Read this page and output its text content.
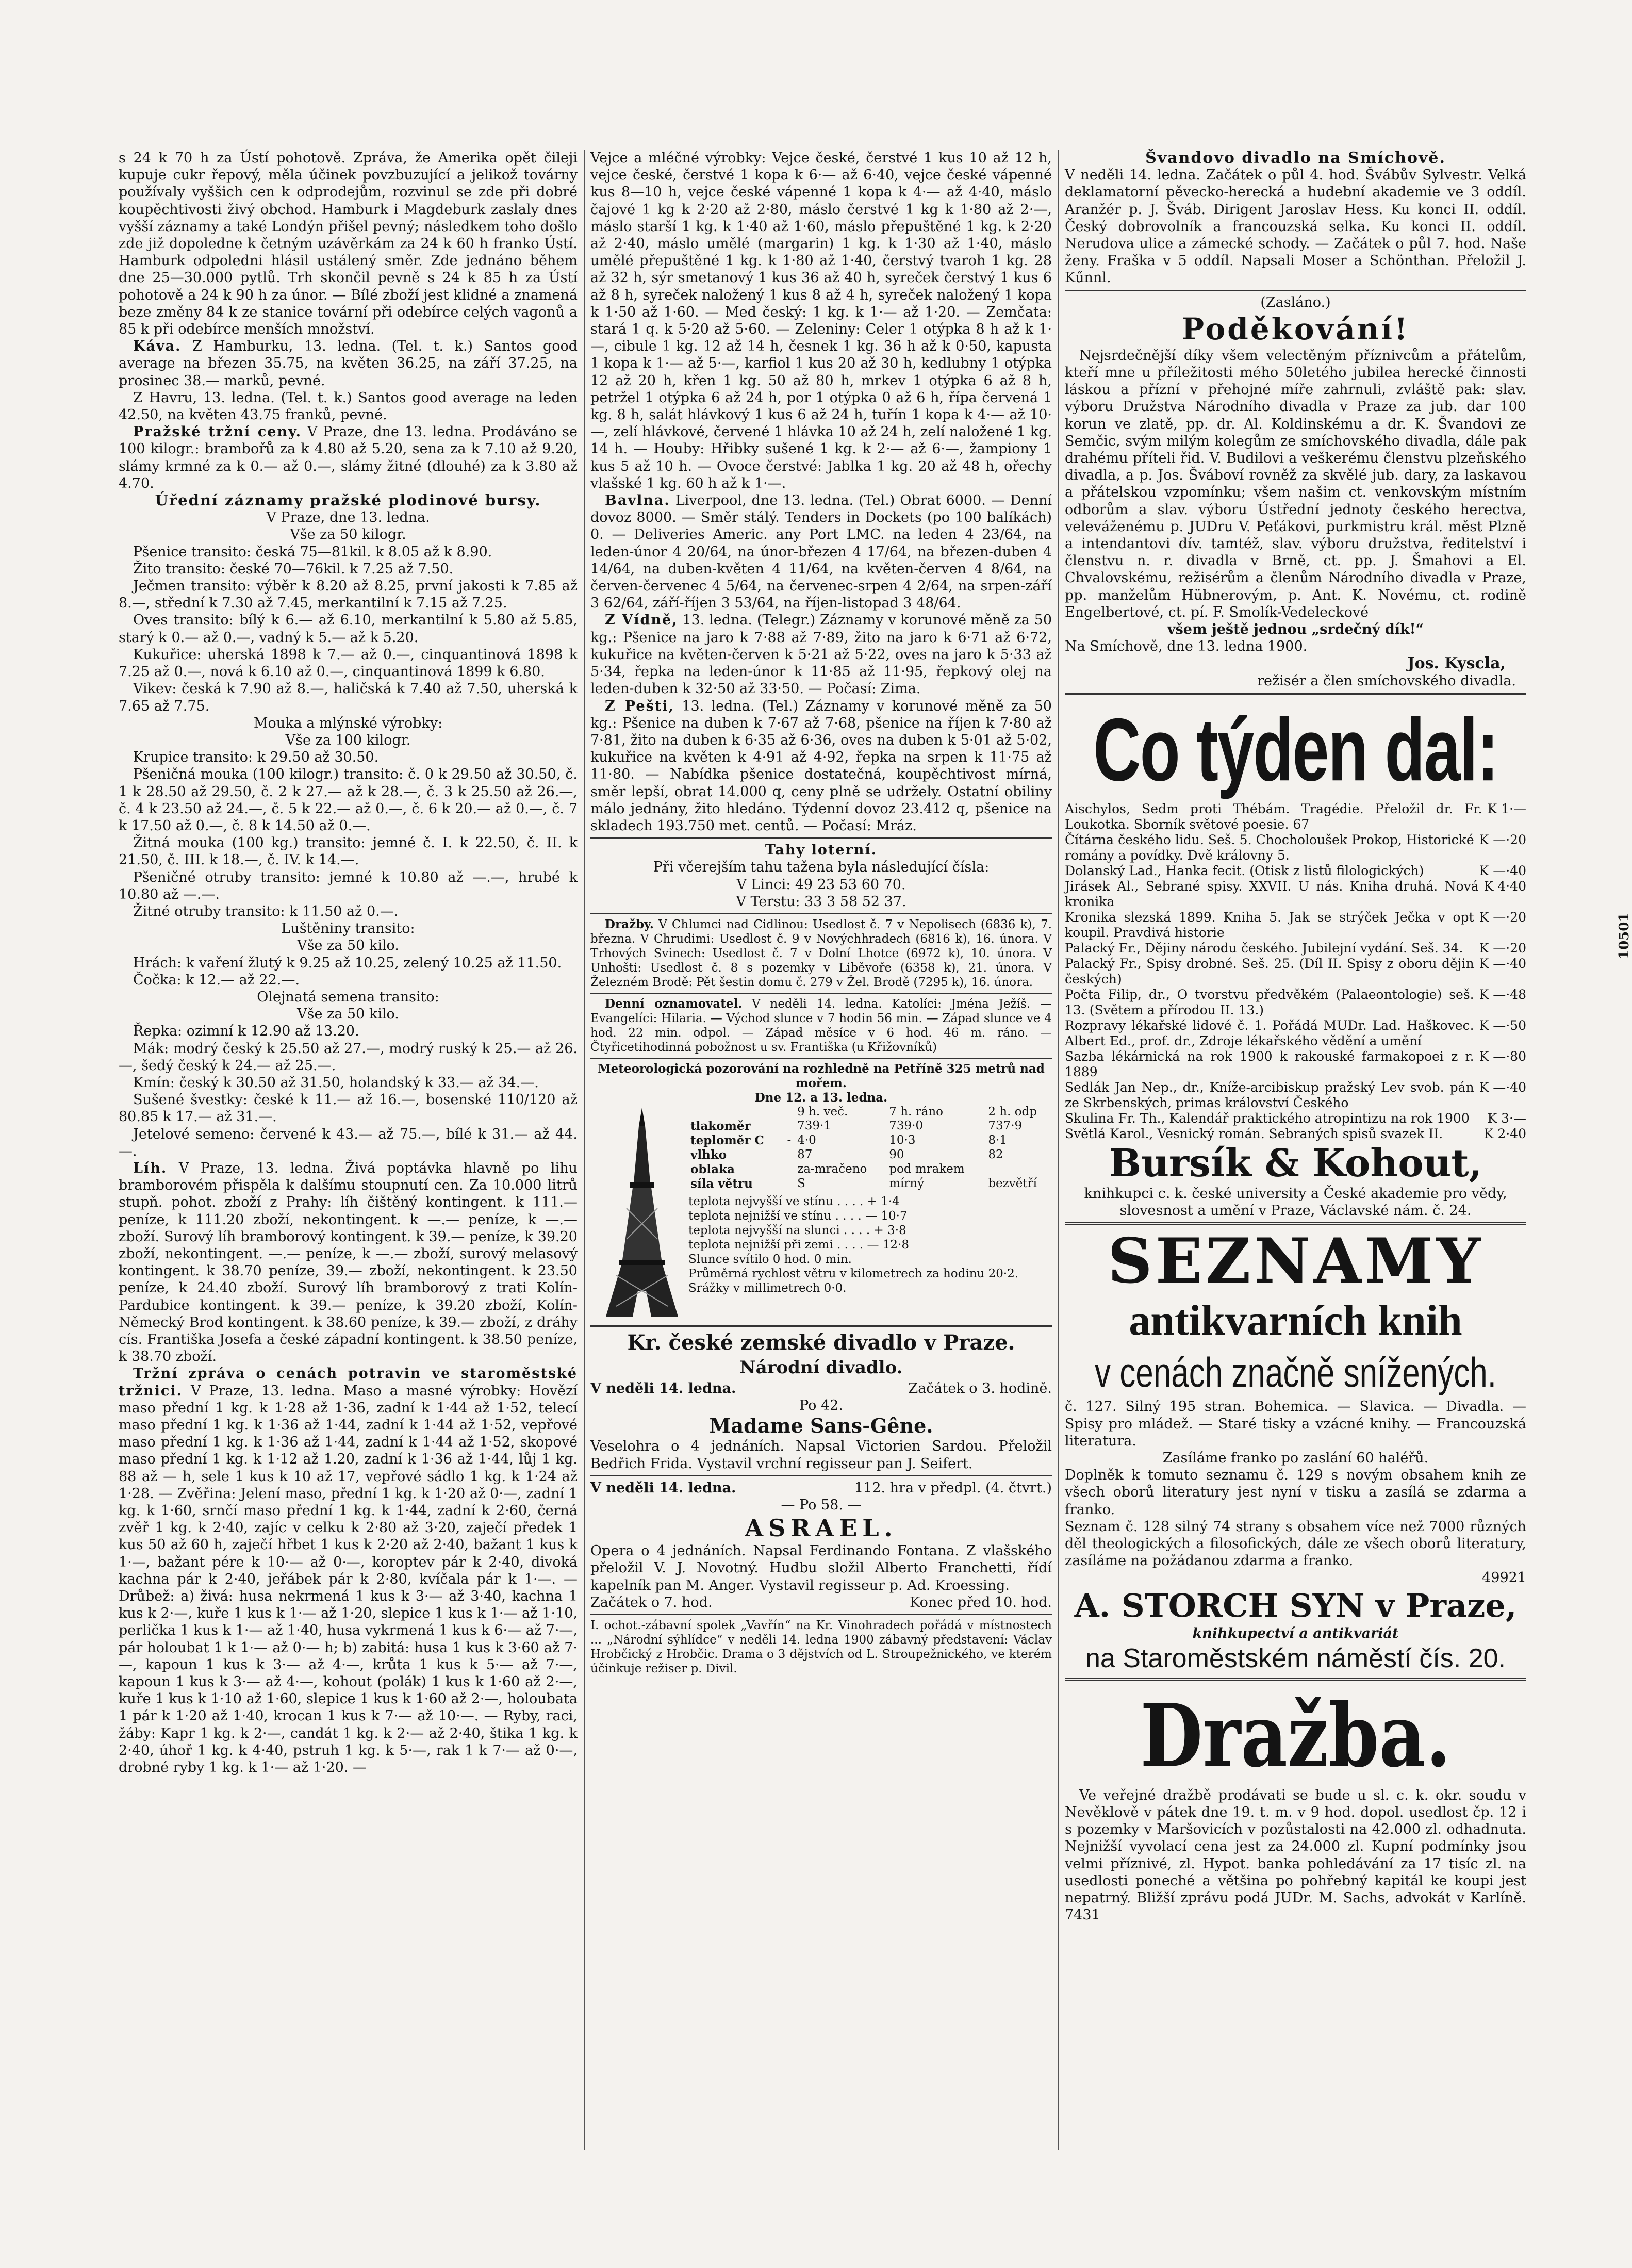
s 24 k 70 h za Ústí pohotově. Zpráva, že Amerika opět čileji kupuje cukr řepový, měla účinek povzbuzující a jelikož továrny používaly vyššich cen k odprodejům, rozvinul se zde při dobré koupěchtivosti živý obchod. Hamburk i Magdeburk zaslaly dnes vyšší záznamy a také Londýn přišel pevný; následkem toho došlo zde již dopoledne k četným uzávěrkám za 24 k 60 h franko Ústí. Hamburk odpoledni hlásil ustálený směr. Zde jednáno během dne 25—30.000 pytlů. Trh skončil pevně s 24 k 85 h za Ústí pohotově a 24 k 90 h za únor. — Bílé zboží jest klidné a znamená beze změny 84 k ze stanice tovární při odebírce celých vagonů a 85 k při odebírce menších množství.

Káva. Z Hamburku, 13. ledna. (Tel. t. k.) Santos good average na březen 35.75, na květen 36.25, na září 37.25, na prosinec 38.— marků, pevné.

Z Havru, 13. ledna. (Tel. t. k.) Santos good average na leden 42.50, na květen 43.75 franků, pevné.

Pražské tržní ceny. V Praze, dne 13. ledna. Prodáváno se 100 kilogr.: brambořů za k 4.80 až 5.20, sena za k 7.10 až 9.20, slámy krmné za k 0.— až 0.—, slámy žitné (dlouhé) za k 3.80 až 4.70.

Úřední záznamy pražské plodinové bursy.
V Praze, dne 13. ledna.
Vše za 50 kilogr.

Pšenice transito: česká 75—81kil. k 8.05 až k 8.90.

Žito transito: české 70—76kil. k 7.25 až 7.50.

Ječmen transito: výběr k 8.20 až 8.25, první jakosti k 7.85 až 8.—, střední k 7.30 až 7.45, merkantilní k 7.15 až 7.25.

Oves transito: bílý k 6.— až 6.10, merkantilní k 5.80 až 5.85, starý k 0.— až 0.—, vadný k 5.— až k 5.20.

Kukuřice: uherská 1898 k 7.— až 0.—, cinquantinová 1898 k 7.25 až 0.—, nová k 6.10 až 0.—, cinquantinová 1899 k 6.80.

Vikev: česká k 7.90 až 8.—, haličská k 7.40 až 7.50, uherská k 7.65 až 7.75.

Mouka a mlýnské výrobky:
Vše za 100 kilogr.

Krupice transito: k 29.50 až 30.50.

Pšeničná mouka (100 kilogr.) transito: č. 0 k 29.50 až 30.50, č. 1 k 28.50 až 29.50, č. 2 k 27.— až k 28.—, č. 3 k 25.50 až 26.—, č. 4 k 23.50 až 24.—, č. 5 k 22.— až 0.—, č. 6 k 20.— až 0.—, č. 7 k 17.50 až 0.—, č. 8 k 14.50 až 0.—.

Žitná mouka (100 kg.) transito: jemné č. I. k 22.50, č. II. k 21.50, č. III. k 18.—, č. IV. k 14.—.

Pšeničné otruby transito: jemné k 10.80 až —.—, hrubé k 10.80 až —.—.

Žitné otruby transito: k 11.50 až 0.—.

Luštěniny transito:
Vše za 50 kilo.

Hrách: k vaření žlutý k 9.25 až 10.25, zelený 10.25 až 11.50.

Čočka: k 12.— až 22.—.

Olejnatá semena transito:
Vše za 50 kilo.

Řepka: ozimní k 12.90 až 13.20.

Mák: modrý český k 25.50 až 27.—, modrý ruský k 25.— až 26.—, šedý český k 24.— až 25.—.

Kmín: český k 30.50 až 31.50, holandský k 33.— až 34.—.

Sušené švestky: české k 11.— až 16.—, bosenské 110/120 až 80.85 k 17.— až 31.—.

Jetelové semeno: červené k 43.— až 75.—, bílé k 31.— až 44.—.

Líh. V Praze, 13. ledna. Živá poptávka hlavně po lihu bramborovém přispěla k dalšímu stoupnutí cen. Za 10.000 litrů stupň. pohot. zboží z Prahy: líh čištěný kontingent. k 111.— peníze, k 111.20 zboží, nekontingent. k —.— peníze, k —.— zboží. Surový líh bramborový kontingent. k 39.— peníze, k 39.20 zboží, nekontingent. —.— peníze, k —.— zboží, surový melasový kontingent. k 38.70 peníze, 39.— zboží, nekontingent. k 23.50 peníze, k 24.40 zboží. Surový líh bramborový z trati Kolín-Pardubice kontingent. k 39.— peníze, k 39.20 zboží, Kolín-Německý Brod kontingent. k 38.60 peníze, k 39.— zboží, z dráhy cís. Františka Josefa a české západní kontingent. k 38.50 peníze, k 38.70 zboží.

Tržní zpráva o cenách potravin ve staroměstské tržnici. V Praze, 13. ledna. Maso a masné výrobky: Hovězí maso přední 1 kg. k 1·28 až 1·36, zadní k 1·44 až 1·52, telecí maso přední 1 kg. k 1·36 až 1·44, zadní k 1·44 až 1·52, vepřové maso přední 1 kg. k 1·36 až 1·44, zadní k 1·44 až 1·52, skopové maso přední 1 kg. k 1·12 až 1.20, zadní k 1·36 až 1·44, lůj 1 kg. 88 až — h, sele 1 kus k 10 až 17, vepřové sádlo 1 kg. k 1·24 až 1·28. — Zvěřina: Jelení maso, přední 1 kg. k 1·20 až 0·—, zadní 1 kg. k 1·60, srnčí maso přední 1 kg. k 1·44, zadní k 2·60, černá zvěř 1 kg. k 2·40, zajíc v celku k 2·80 až 3·20, zaječí předek 1 kus 50 až 60 h, zaječí hřbet 1 kus k 2·20 až 2·40, bažant 1 kus k 1·—, bažant pére k 10·— až 0·—, koroptev pár k 2·40, divoká kachna pár k 2·40, jeřábek pár k 2·80, kvíčala pár k 1·—. — Drůbež: a) živá: husa nekrmená 1 kus k 3·— až 3·40, kachna 1 kus k 2·—, kuře 1 kus k 1·— až 1·20, slepice 1 kus k 1·— až 1·10, perlička 1 kus k 1·— až 1·40, husa vykrmená 1 kus k 6·— až 7·—, pár holoubat 1 k 1·— až 0·— h; b) zabitá: husa 1 kus k 3·60 až 7·—, kapoun 1 kus k 3·— až 4·—, krůta 1 kus k 5·— až 7·—, kapoun 1 kus k 3·— až 4·—, kohout (polák) 1 kus k 1·60 až 2·—, kuře 1 kus k 1·10 až 1·60, slepice 1 kus k 1·60 až 2·—, holoubata 1 pár k 1·20 až 1·40, krocan 1 kus k 7·— až 10·—. — Ryby, raci, žáby: Kapr 1 kg. k 2·—, candát 1 kg. k 2·— až 2·40, štika 1 kg. k 2·40, úhoř 1 kg. k 4·40, pstruh 1 kg. k 5·—, rak 1 k 7·— až 0·—, drobné ryby 1 kg. k 1·— až 1·20. —

Vejce a mléčné výrobky: Vejce české, čerstvé 1 kus 10 až 12 h, vejce české, čerstvé 1 kopa k 6·— až 6·40, vejce české vápenné kus 8—10 h, vejce české vápenné 1 kopa k 4·— až 4·40, máslo čajové 1 kg k 2·20 až 2·80, máslo čerstvé 1 kg k 1·80 až 2·—, máslo starší 1 kg. k 1·40 až 1·60, máslo přepuštěné 1 kg. k 2·20 až 2·40, máslo umělé (margarin) 1 kg. k 1·30 až 1·40, máslo umělé přepuštěné 1 kg. k 1·80 až 1·40, čerstvý tvaroh 1 kg. 28 až 32 h, sýr smetanový 1 kus 36 až 40 h, syreček čerstvý 1 kus 6 až 8 h, syreček naložený 1 kus 8 až 4 h, syreček naložený 1 kopa k 1·50 až 1·60. — Med český: 1 kg. k 1·— až 1·20. — Zemčata: stará 1 q. k 5·20 až 5·60. — Zeleniny: Celer 1 otýpka 8 h až k 1·—, cibule 1 kg. 12 až 14 h, česnek 1 kg. 36 h až k 0·50, kapusta 1 kopa k 1·— až 5·—, karfiol 1 kus 20 až 30 h, kedlubny 1 otýpka 12 až 20 h, křen 1 kg. 50 až 80 h, mrkev 1 otýpka 6 až 8 h, petržel 1 otýpka 6 až 24 h, por 1 otýpka 0 až 6 h, řípa červená 1 kg. 8 h, salát hlávkový 1 kus 6 až 24 h, tuřín 1 kopa k 4·— až 10·—, zelí hlávkové, červené 1 hlávka 10 až 24 h, zelí naložené 1 kg. 14 h. — Houby: Hřibky sušené 1 kg. k 2·— až 6·—, žampiony 1 kus 5 až 10 h. — Ovoce čerstvé: Jablka 1 kg. 20 až 48 h, ořechy vlašské 1 kg. 60 h až k 1·—.

Bavlna. Liverpool, dne 13. ledna. (Tel.) Obrat 6000. — Denní dovoz 8000. — Směr stálý. Tenders in Dockets (po 100 balíkách) 0. — Deliveries Americ. any Port LMC. na leden 4 23/64, na leden-únor 4 20/64, na únor-březen 4 17/64, na březen-duben 4 14/64, na duben-květen 4 11/64, na květen-červen 4 8/64, na červen-červenec 4 5/64, na červenec-srpen 4 2/64, na srpen-září 3 62/64, září-říjen 3 53/64, na říjen-listopad 3 48/64.

Z Vídně, 13. ledna. (Telegr.) Záznamy v korunové měně za 50 kg.: Pšenice na jaro k 7·88 až 7·89, žito na jaro k 6·71 až 6·72, kukuřice na květen-červen k 5·21 až 5·22, oves na jaro k 5·33 až 5·34, řepka na leden-únor k 11·85 až 11·95, řepkový olej na leden-duben k 32·50 až 33·50. — Počasí: Zima.

Z Pešti, 13. ledna. (Tel.) Záznamy v korunové měně za 50 kg.: Pšenice na duben k 7·67 až 7·68, pšenice na říjen k 7·80 až 7·81, žito na duben k 6·35 až 6·36, oves na duben k 5·01 až 5·02, kukuřice na květen k 4·91 až 4·92, řepka na srpen k 11·75 až 11·80. — Nabídka pšenice dostatečná, koupěchtivost mírná, směr lepší, obrat 14.000 q, ceny plně se udržely. Ostatní obiliny málo jednány, žito hledáno. Týdenní dovoz 23.412 q, pšenice na skladech 193.750 met. centů. — Počasí: Mráz.

Tahy loterní.
Při včerejším tahu tažena byla následující čísla:
V Linci: 49 23 53 60 70.
V Terstu: 33 3 58 52 37.

Dražby. V Chlumci nad Cidlinou: Usedlost č. 7 v Nepolisech (6836 k), 7. března. V Chrudimi: Usedlost č. 9 v Novýchhradech (6816 k), 16. února. V Trhových Svinech: Usedlost č. 7 v Dolní Lhotce (6972 k), 10. února. V Unhošti: Usedlost č. 8 s pozemky v Liběvoře (6358 k), 21. února. V Železném Brodě: Pět šestin domu č. 279 v Žel. Brodě (7295 k), 16. února.

Denní oznamovatel. V neděli 14. ledna. Katolíci: Jména Ježíš. — Evangelíci: Hilaria. — Východ slunce v 7 hodin 56 min. — Západ slunce ve 4 hod. 22 min. odpol. — Západ měsíce v 6 hod. 46 m. ráno. — Čtyřicetihodinná pobožnost u sv. Františka (u Křižovníků)

Meteorologická pozorování na rozhledně na Petříně 325 metrů nad mořem.
Dne 12. a 13. ledna.
		9 h. več.	7 h. ráno	2 h. odp
tlakoměr		739·1	739·0	737·9
teploměr C	-	4·0	10·3	8·1
vlhko		87	90	82
oblaka		za-mračeno	pod mrakem	
síla větru		S	mírný	bezvětří
teplota nejvyšší ve stínu . . . . + 1·4
teplota nejnižší ve stínu . . . . — 10·7
teplota nejvyšší na slunci . . . . + 3·8
teplota nejnižší při zemi . . . . — 12·8
Slunce svítilo 0 hod. 0 min.
Průměrná rychlost větru v kilometrech za hodinu 20·2.
Srážky v millimetrech 0·0.
Kr. české zemské divadlo v Praze.
Národní divadlo.
V neděli 14. ledna.	Začátek o 3. hodině.
Po 42.
Madame Sans-Gêne.

Veselohra o 4 jednáních. Napsal Victorien Sardou. Přeložil Bedřich Frida. Vystavil vrchní regisseur pan J. Seifert.

V neděli 14. ledna.	112. hra v předpl. (4. čtvrt.)
— Po 58. —
ASRAEL.

Opera o 4 jednáních. Napsal Ferdinando Fontana. Z vlašského přeložil V. J. Novotný. Hudbu složil Alberto Franchetti, řídí kapelník pan M. Anger. Vystavil regisseur p. Ad. Kroessing.

Začátek o 7. hod.	Konec před 10. hod.

I. ochot.-zábavní spolek „Vavřín“ na Kr. Vinohradech pořádá v místnostech ... „Národní sýhlídce“ v neděli 14. ledna 1900 zábavný představení: Václav Hrobčický z Hrobčic. Drama o 3 dějstvích od L. Stroupežnického, ve kterém účinkuje režiser p. Divil.

Švandovo divadlo na Smíchově.

V neděli 14. ledna. Začátek o půl 4. hod. Švábův Sylvestr. Velká deklamatorní pěvecko-herecká a hudební akademie ve 3 oddíl. Aranžér p. J. Šváb. Dirigent Jaroslav Hess. Ku konci II. oddíl. Český dobrovolník a francouzská selka. Ku konci II. oddíl. Nerudova ulice a zámecké schody. — Začátek o půl 7. hod. Naše ženy. Fraška v 5 oddíl. Napsali Moser a Schönthan. Přeložil J. Kűnnl.

(Zasláno.)
Poděkování!

Nejsrdečnější díky všem velectěným příznivcům a přátelům, kteří mne u příležitosti mého 50letého jubilea herecké činnosti láskou a přízní v přehojné míře zahrnuli, zvláště pak: slav. výboru Družstva Národního divadla v Praze za jub. dar 100 korun ve zlatě, pp. dr. Al. Koldinskému a dr. K. Švandovi ze Semčic, svým milým kolegům ze smíchovského divadla, dále pak drahému příteli řid. V. Budilovi a veškerému členstvu plzeňského divadla, a p. Jos. Šváboví rovněž za skvělé jub. dary, za laskavou a přátelskou vzpomínku; všem našim ct. venkovským místním odborům a slav. výboru Ústřední jednoty českého herectva, veleváženému p. JUDru V. Peťákovi, purkmistru král. měst Plzně a intendantovi dív. tamtéž, slav. výboru družstva, ředitelství i členstvu n. r. divadla v Brně, ct. pp. J. Šmahovi a El. Chvalovskému, režisérům a členům Národního divadla v Praze, pp. manželům Hübnerovým, p. Ant. K. Novému, ct. rodině Engelbertové, ct. pí. F. Smolík-Vedeleckové

všem ještě jednou „srdečný dík!“

Na Smíchově, dne 13. ledna 1900.

Jos. Kyscla,
režisér a člen smíchovského divadla.
Co týden dal:
Aischylos, Sedm proti Thébám. Tragédie. Přeložil dr. Fr. Loukotka. Sborník světové poesie. 67
K 1·—
Čítárna českého lidu. Seš. 5. Chocholoušek Prokop, Historické romány a povídky. Dvě královny 5.
K —·20
Dolanský Lad., Hanka fecit. (Otisk z listů filologických)	K —·40
Jirásek Al., Sebrané spisy. XXVII. U nás. Kniha druhá. Nová kronika
K 4·40
Kronika slezská 1899. Kniha 5. Jak se strýček Ječka v opt koupil. Pravdivá historie
K —·20
Palacký Fr., Dějiny národu českého. Jubilejní vydání. Seš. 34. K —·20
Palacký Fr., Spisy drobné. Seš. 25. (Díl II. Spisy z oboru dějin českých)
K —·40
Počta Filip, dr., O tvorstvu předvěkém (Palaeontologie) seš. 13. (Světem a přírodou II. 13.)
K —·48
Rozpravy lékařské lidové č. 1. Pořádá MUDr. Lad. Haškovec. Albert Ed., prof. dr., Zdroje lékařského vědění a umění
K —·50
Sazba lékárnická na rok 1900 k rakouské farmakopoei z r. 1889
K —·80
Sedlák Jan Nep., dr., Kníže-arcibiskup pražský Lev svob. pán ze Skrbenských, primas království Českého
K —·40
Skulina Fr. Th., Kalendář praktického atropintizu na rok 1900 K 3·—
Světlá Karol., Vesnický román. Sebraných spisů svazek II.	K 2·40
Bursík & Kohout,

knihkupci c. k. české university a České akademie pro vědy, slovesnost a umění v Praze, Václavské nám. č. 24.

SEZNAMY
antikvarních knih
v cenách značně snížených.

č. 127. Silný 195 stran. Bohemica. — Slavica. — Divadla. — Spisy pro mládež. — Staré tisky a vzácné knihy. — Francouzská literatura.

Zasíláme franko po zaslání 60 haléřů.

Doplněk k tomuto seznamu č. 129 s novým obsahem knih ze všech oborů literatury jest nyní v tisku a zasílá se zdarma a franko.

Seznam č. 128 silný 74 strany s obsahem více než 7000 různých děl theologických a filosofických, dále ze všech oborů literatury, zasíláme na požádanou zdarma a franko.

49921
A. STORCH SYN v Praze,
knihkupectví a antikvariát
na Staroměstském náměstí čís. 20.
Dražba.

Ve veřejné dražbě prodávati se bude u sl. c. k. okr. soudu v Nevěklově v pátek dne 19. t. m. v 9 hod. dopol. usedlost čp. 12 i s pozemky v Maršovicích v pozůstalosti na 42.000 zl. odhadnuta. Nejnižší vyvolací cena jest za 24.000 zl. Kupní podmínky jsou velmi příznivé, zl. Hypot. banka pohledávání za 17 tisíc zl. na usedlosti poneché a většina po pohřebný kapitál ke koupi jest nepatrný. Bližší zprávu podá JUDr. M. Sachs, advokát v Karlíně. 7431

10501
